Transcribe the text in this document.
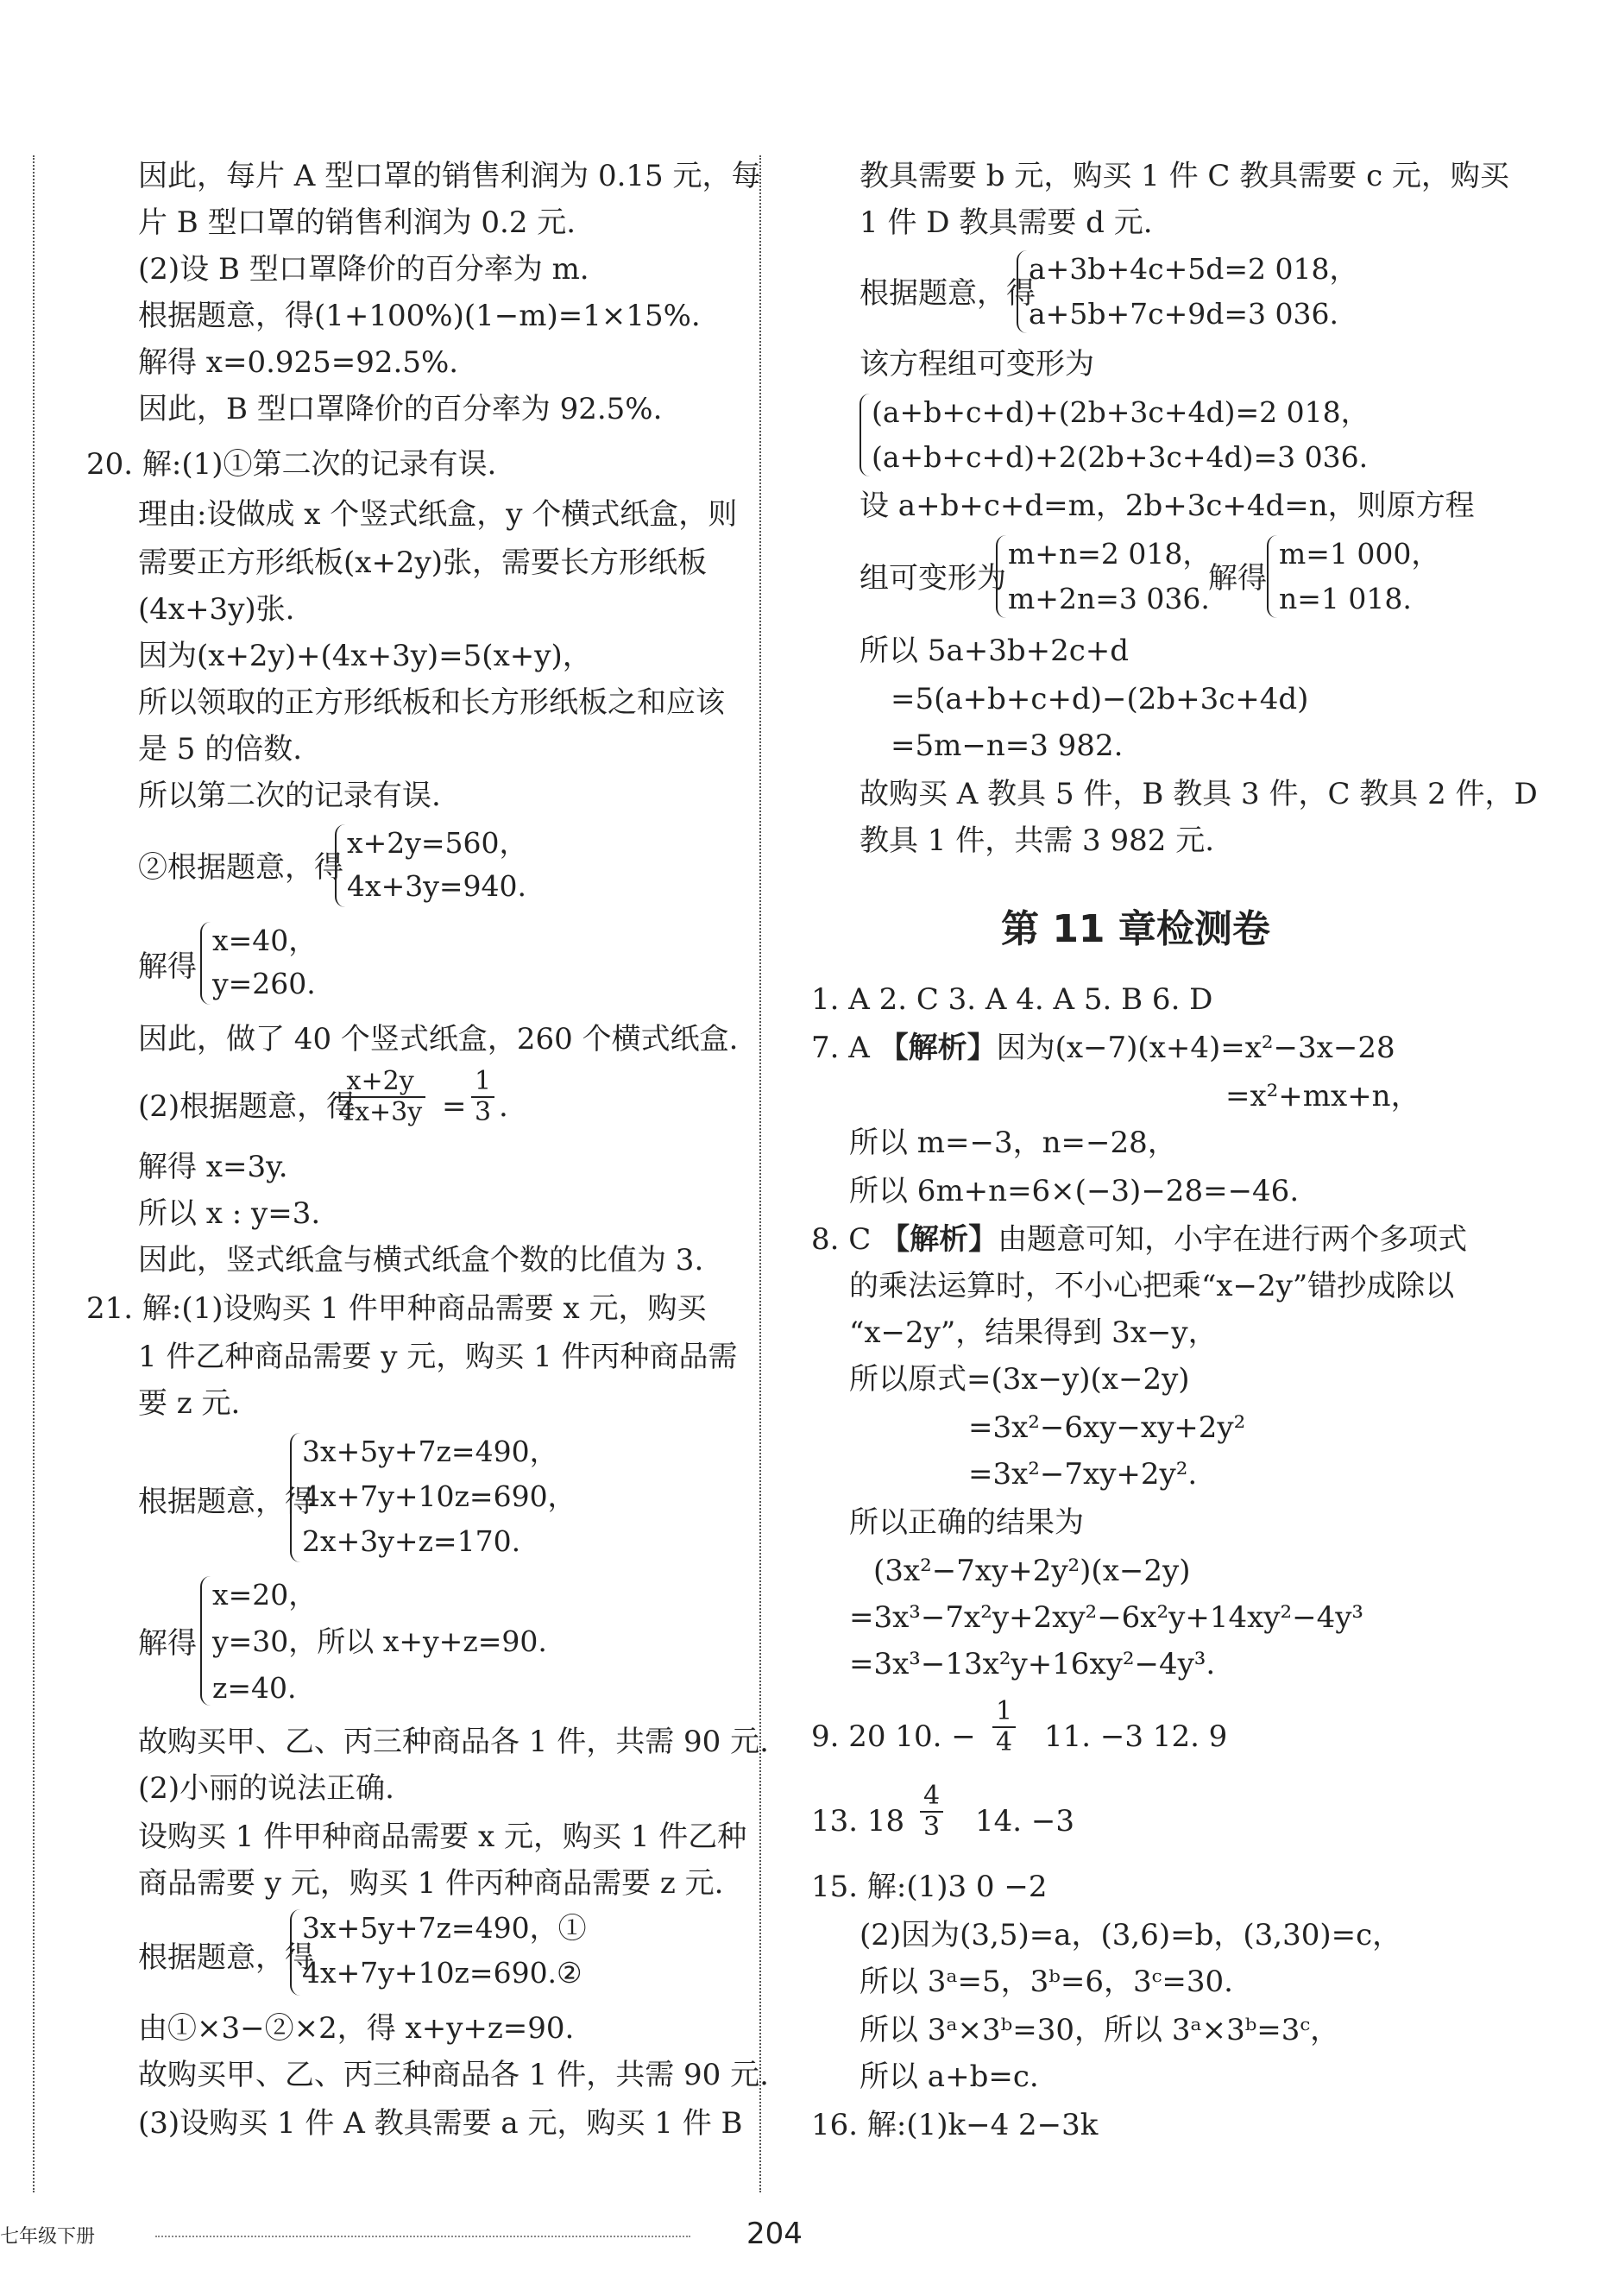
因此，每片 A 型口罩的销售利润为 0.15 元，每
片 B 型口罩的销售利润为 0.2 元.
(2)设 B 型口罩降价的百分率为 m.
根据题意，得(1+100%)(1−m)=1×15%.
解得 x=0.925=92.5%.
因此，B 型口罩降价的百分率为 92.5%.
20. 解:(1)①第二次的记录有误.
理由:设做成 x 个竖式纸盒，y 个横式纸盒，则
需要正方形纸板(x+2y)张，需要长方形纸板
(4x+3y)张.
因为(x+2y)+(4x+3y)=5(x+y)，
所以领取的正方形纸板和长方形纸板之和应该
是 5 的倍数.
所以第二次的记录有误.
②根据题意，得
x+2y=560，
4x+3y=940.
解得
x=40，
y=260.
因此，做了 40 个竖式纸盒，260 个横式纸盒.
(2)根据题意，得
$\frac{x+2y}{4x+3y} = \frac{1}{3}$ .
解得 x=3y.
所以 x : y=3.
因此，竖式纸盒与横式纸盒个数的比值为 3.
21. 解:(1)设购买 1 件甲种商品需要 x 元，购买
1 件乙种商品需要 y 元，购买 1 件丙种商品需
要 z 元.
根据题意，得
3x+5y+7z=490，
4x+7y+10z=690，
2x+3y+z=170.
解得
x=20，
y=30，所以 x+y+z=90.
z=40.
故购买甲、乙、丙三种商品各 1 件，共需 90 元.
(2)小丽的说法正确.
设购买 1 件甲种商品需要 x 元，购买 1 件乙种
商品需要 y 元，购买 1 件丙种商品需要 z 元.
根据题意，得
3x+5y+7z=490，①
4x+7y+10z=690.②
由①×3−②×2，得 x+y+z=90.
故购买甲、乙、丙三种商品各 1 件，共需 90 元.
(3)设购买 1 件 A 教具需要 a 元，购买 1 件 B
教具需要 b 元，购买 1 件 C 教具需要 c 元，购买
1 件 D 教具需要 d 元.
根据题意，得
a+3b+4c+5d=2 018，
a+5b+7c+9d=3 036.
该方程组可变形为
(a+b+c+d)+(2b+3c+4d)=2 018，
(a+b+c+d)+2(2b+3c+4d)=3 036.
设 a+b+c+d=m，2b+3c+4d=n，则原方程
组可变形为
m+n=2 018，
m+2n=3 036.
解得
m=1 000，
n=1 018.
所以 5a+3b+2c+d
=5(a+b+c+d)−(2b+3c+4d)
=5m−n=3 982.
故购买 A 教具 5 件，B 教具 3 件，C 教具 2 件，D
教具 1 件，共需 3 982 元.
第 11 章检测卷
1. A 2. C 3. A 4. A 5. B 6. D
7. A 【解析】因为(x−7)(x+4)=x²−3x−28
=x²+mx+n，
所以 m=−3，n=−28，
所以 6m+n=6×(−3)−28=−46.
8. C 【解析】由题意可知，小宇在进行两个多项式
的乘法运算时，不小心把乘“x−2y”错抄成除以
“x−2y”，结果得到 3x−y，
所以原式=(3x−y)(x−2y)
=3x²−6xy−xy+2y²
=3x²−7xy+2y².
所以正确的结果为
(3x²−7xy+2y²)(x−2y)
=3x³−7x²y+2xy²−6x²y+14xy²−4y³
=3x³−13x²y+16xy²−4y³.
9. 20 10. − $\frac{1}{4} 11$. −3 12. 9
13. $18 \frac{4}{3} 14$. −3
15. 解:(1)3 0 −2
(2)因为(3,5)=a，(3,6)=b，(3,30)=c，
所以 3ᵃ=5，3ᵇ=6，3ᶜ=30.
所以 3ᵃ×3ᵇ=30，所以 3ᵃ×3ᵇ=3ᶜ，
所以 a+b=c.
16. 解:(1)k−4 2−3k
七年级下册	204
